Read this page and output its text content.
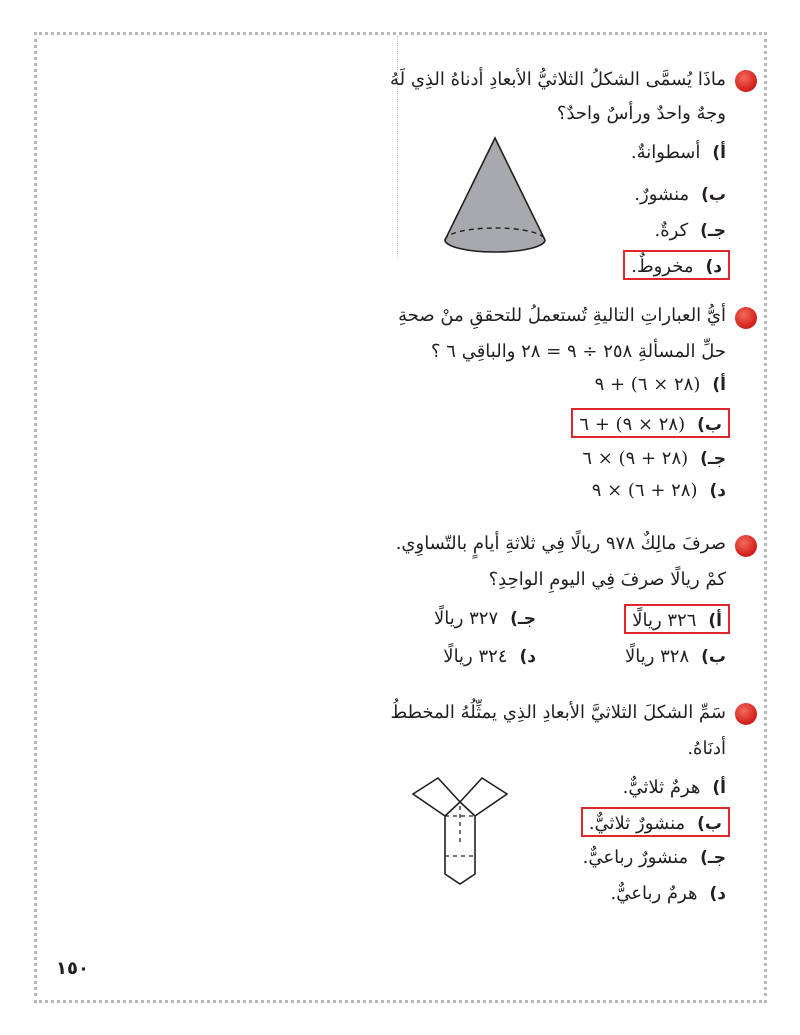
ماذَا يُسمَّى الشكلُ الثلاثيُّ الأبعادِ أدناهُ الذِي لَهُ
وجهٌ واحدٌ ورأسٌ واحدٌ؟
أ)أسطوانةٌ.
ب)منشورٌ.
جـ)كرةٌ.
د)مخروطٌ.
أيُّ العباراتِ التاليةِ تُستعملُ للتحققِ منْ صحةِ
حلِّ المسألةِ ٢٥٨ ÷ ٩ = ٢٨ والباقِي ٦ ؟
أ)(٢٨ × ٦) + ٩
ب)(٢٨ × ٩) + ٦
جـ)(٢٨ + ٩) × ٦
د)(٢٨ + ٦) × ٩
صرفَ مالِكٌ ٩٧٨ ريالًا فِي ثلاثةِ أيامٍ بالتّساوِي.
كمْ ريالًا صرفَ فِي اليومِ الواحِدِ؟
أ)٣٢٦ ريالًا
جـ)٣٢٧ ريالًا
ب)٣٢٨ ريالًا
د)٣٢٤ ريالًا
سَمِّ الشكلَ الثلاثيَّ الأبعادِ الذِي يمثِّلُهُ المخططُ
أدنَاهُ.
أ)هرمٌ ثلاثيٌّ.
ب)منشورٌ ثلاثيٌّ.
جـ)منشورٌ رباعيٌّ.
د)هرمٌ رباعيٌّ.
١٥٠
